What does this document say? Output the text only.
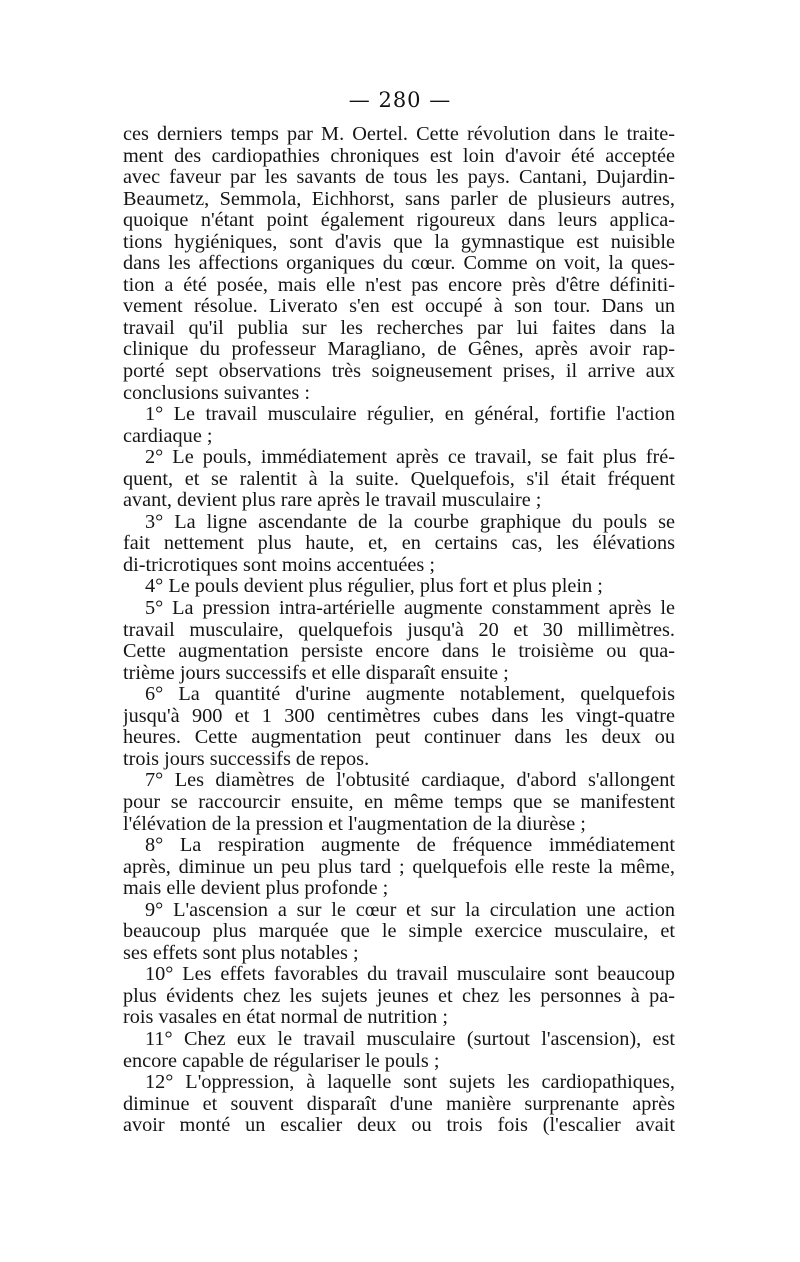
— 280 —
ces derniers temps par M. Oertel. Cette révolution dans le traite-
ment des cardiopathies chroniques est loin d'avoir été acceptée
avec faveur par les savants de tous les pays. Cantani, Dujardin-
Beaumetz, Semmola, Eichhorst, sans parler de plusieurs autres,
quoique n'étant point également rigoureux dans leurs applica-
tions hygiéniques, sont d'avis que la gymnastique est nuisible
dans les affections organiques du cœur. Comme on voit, la ques-
tion a été posée, mais elle n'est pas encore près d'être définiti-
vement résolue. Liverato s'en est occupé à son tour. Dans un
travail qu'il publia sur les recherches par lui faites dans la
clinique du professeur Maragliano, de Gênes, après avoir rap-
porté sept observations très soigneusement prises, il arrive aux
conclusions suivantes :
1° Le travail musculaire régulier, en général, fortifie l'action
cardiaque ;
2° Le pouls, immédiatement après ce travail, se fait plus fré-
quent, et se ralentit à la suite. Quelquefois, s'il était fréquent
avant, devient plus rare après le travail musculaire ;
3° La ligne ascendante de la courbe graphique du pouls se
fait nettement plus haute, et, en certains cas, les élévations
di-tricrotiques sont moins accentuées ;
4° Le pouls devient plus régulier, plus fort et plus plein ;
5° La pression intra-artérielle augmente constamment après le
travail musculaire, quelquefois jusqu'à 20 et 30 millimètres.
Cette augmentation persiste encore dans le troisième ou qua-
trième jours successifs et elle disparaît ensuite ;
6° La quantité d'urine augmente notablement, quelquefois
jusqu'à 900 et 1 300 centimètres cubes dans les vingt-quatre
heures. Cette augmentation peut continuer dans les deux ou
trois jours successifs de repos.
7° Les diamètres de l'obtusité cardiaque, d'abord s'allongent
pour se raccourcir ensuite, en même temps que se manifestent
l'élévation de la pression et l'augmentation de la diurèse ;
8° La respiration augmente de fréquence immédiatement
après, diminue un peu plus tard ; quelquefois elle reste la même,
mais elle devient plus profonde ;
9° L'ascension a sur le cœur et sur la circulation une action
beaucoup plus marquée que le simple exercice musculaire, et
ses effets sont plus notables ;
10° Les effets favorables du travail musculaire sont beaucoup
plus évidents chez les sujets jeunes et chez les personnes à pa-
rois vasales en état normal de nutrition ;
11° Chez eux le travail musculaire (surtout l'ascension), est
encore capable de régulariser le pouls ;
12° L'oppression, à laquelle sont sujets les cardiopathiques,
diminue et souvent disparaît d'une manière surprenante après
avoir monté un escalier deux ou trois fois (l'escalier avait
